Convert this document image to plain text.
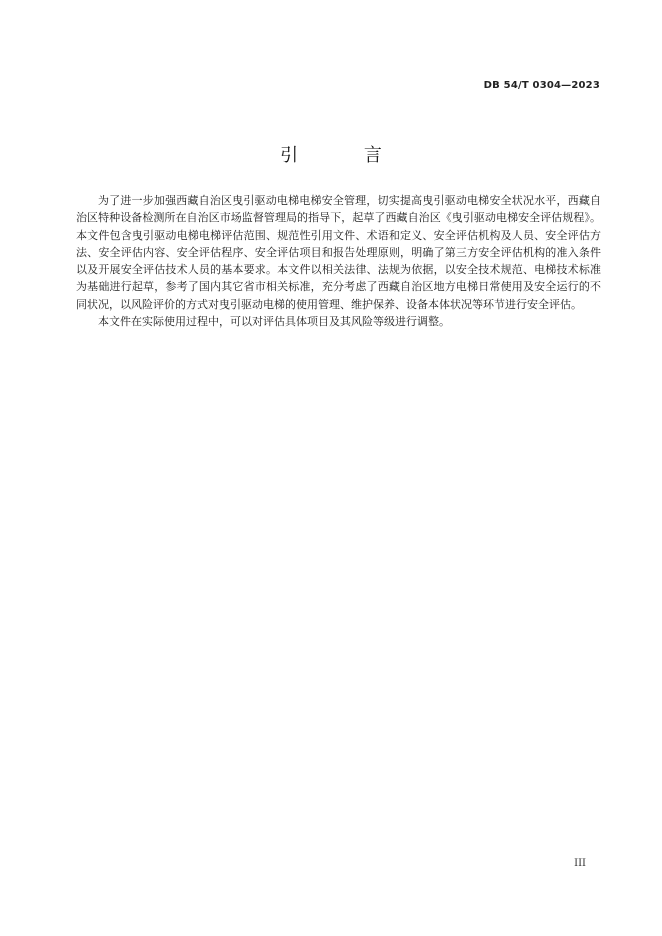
DB 54/T 0304—2023
引 言

为了进一步加强西藏自治区曳引驱动电梯电梯安全管理，切实提高曳引驱动电梯安全状况水平，西藏自治区特种设备检测所在自治区市场监督管理局的指导下，起草了西藏自治区《曳引驱动电梯安全评估规程》。本文件包含曳引驱动电梯电梯评估范围、规范性引用文件、术语和定义、安全评估机构及人员、安全评估方法、安全评估内容、安全评估程序、安全评估项目和报告处理原则，明确了第三方安全评估机构的准入条件以及开展安全评估技术人员的基本要求。本文件以相关法律、法规为依据，以安全技术规范、电梯技术标准为基础进行起草，参考了国内其它省市相关标准，充分考虑了西藏自治区地方电梯日常使用及安全运行的不同状况，以风险评价的方式对曳引驱动电梯的使用管理、维护保养、设备本体状况等环节进行安全评估。

本文件在实际使用过程中，可以对评估具体项目及其风险等级进行调整。

III
